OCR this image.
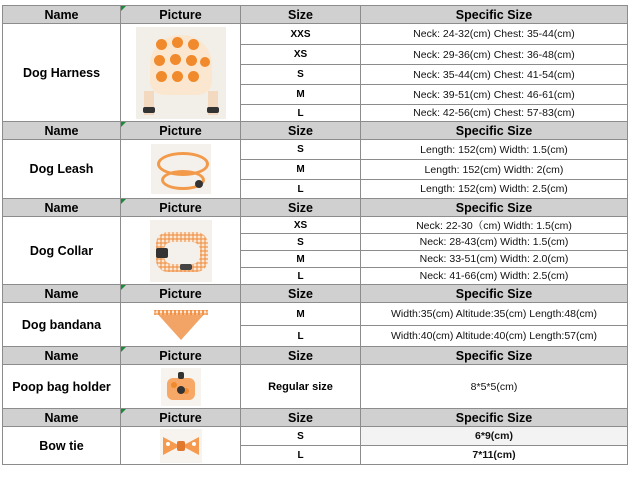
Name	Picture	Size	Specific Size
Dog Harness		XXS	Neck: 24-32(cm) Chest: 35-44(cm)
		XS	Neck: 29-36(cm) Chest: 36-48(cm)
		S	Neck: 35-44(cm) Chest: 41-54(cm)
		M	Neck: 39-51(cm) Chest: 46-61(cm)
		L	Neck: 42-56(cm) Chest: 57-83(cm)
Name	Picture	Size	Specific Size
Dog Leash		S	Length: 152(cm) Width: 1.5(cm)
		M	Length: 152(cm) Width: 2(cm)
		L	Length: 152(cm) Width: 2.5(cm)
Name	Picture	Size	Specific Size
Dog Collar		XS	Neck: 22-30（cm) Width: 1.5(cm)
		S	Neck: 28-43(cm) Width: 1.5(cm)
		M	Neck: 33-51(cm) Width: 2.0(cm)
		L	Neck: 41-66(cm) Width: 2.5(cm)
Name	Picture	Size	Specific Size
Dog bandana		M	Width:35(cm) Altitude:35(cm) Length:48(cm)
		L	Width:40(cm) Altitude:40(cm) Length:57(cm)
Name	Picture	Size	Specific Size
Poop bag holder		Regular size	8*5*5(cm)
Name	Picture	Size	Specific Size
Bow tie		S	6*9(cm)
		L	7*11(cm)
